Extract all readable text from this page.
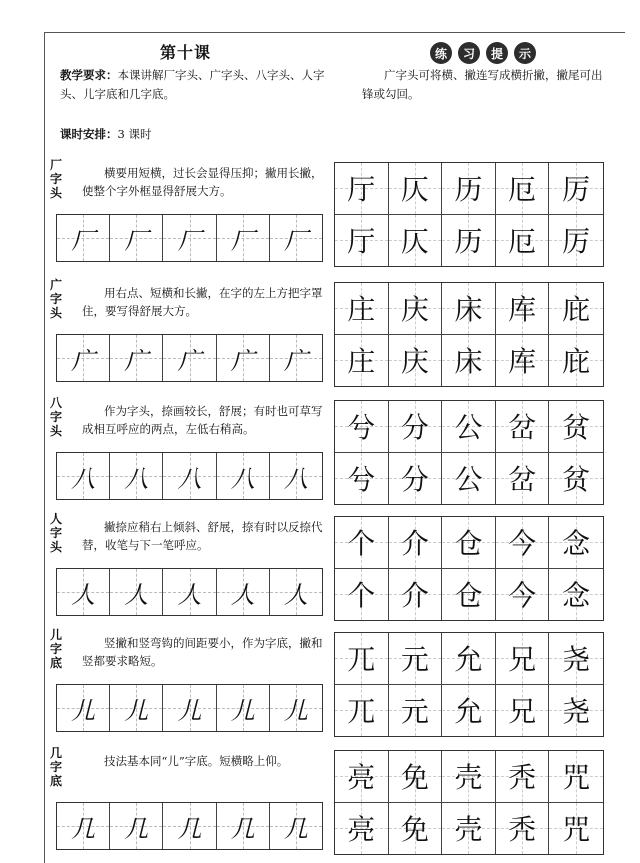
第十课
教学要求：本课讲解厂字头、广字头、八字头、人字头、儿字底和几字底。
课时安排：3 课时
练	习	提	示
广字头可将横、撇连写成横折撇，撇尾可出锋或勾回。
厂字头
横要用短横，过长会显得压抑；撇用长撇，使整个字外框显得舒展大方。
厂 厂 厂 厂 厂
厅 仄 历 厄 厉
厅 仄 历 厄 厉
广字头
用右点、短横和长撇，在字的左上方把字罩住，要写得舒展大方。
广 广 广 广 广
庄 庆 床 库 庇
庄 庆 床 库 庇
八字头
作为字头，捺画较长，舒展；有时也可草写成相互呼应的两点，左低右稍高。
八 八 八 八 八
兮 分 公 岔 贫
兮 分 公 岔 贫
人字头
撇捺应稍右上倾斜、舒展，捺有时以反捺代替，收笔与下一笔呼应。
人 人 人 人 人
个 介 仓 今 念
个 介 仓 今 念
儿字底
竖撇和竖弯钩的间距要小，作为字底，撇和竖都要求略短。
儿 儿 儿 儿 儿
兀 元 允 兄 尧
兀 元 允 兄 尧
几字底
技法基本同“儿”字底。短横略上仰。
几 几 几 几 几
亮 免 壳 秃 咒
亮 免 壳 秃 咒
